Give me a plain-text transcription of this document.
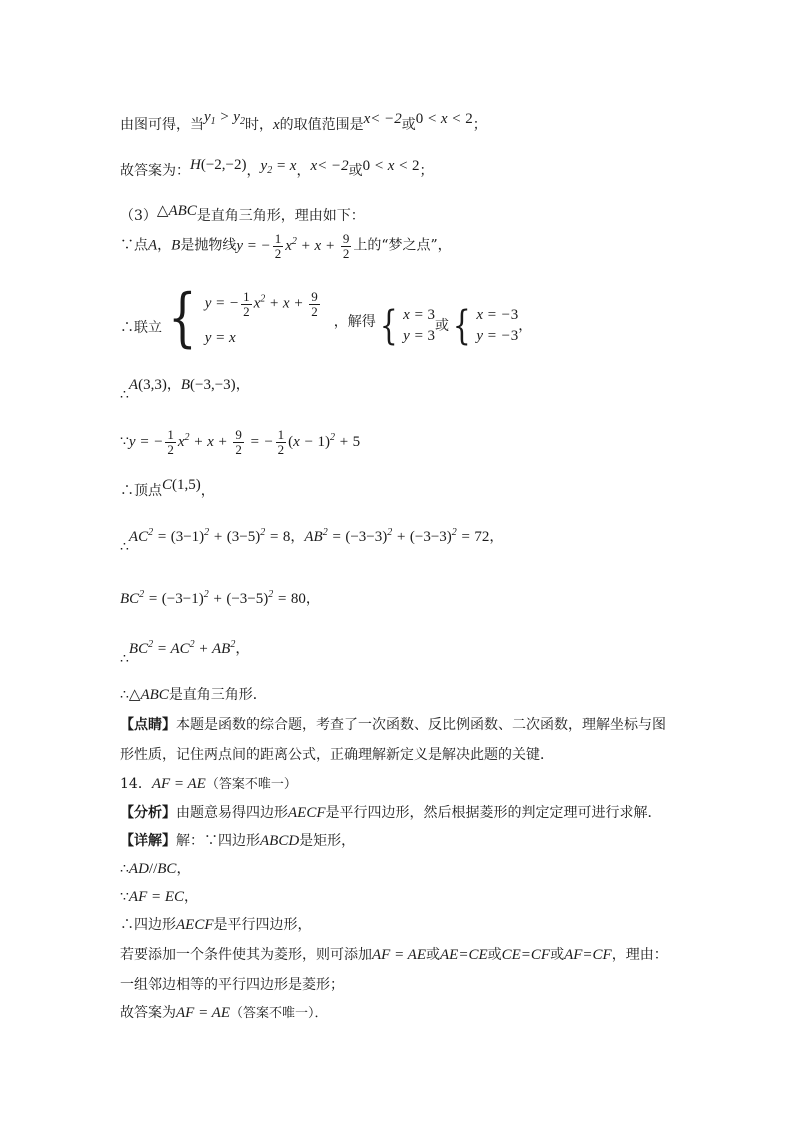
由图可得，当$y_1 > y_2$时，x的取值范围是x< −2或0 < x < 2；
故答案为：H(−2,−2)，$y_2 = x$，x< −2或0 < x < 2；
（3）△ABC是直角三角形，理由如下：
∵点A，B是抛物线y = − $\frac{1}{2} x^2 + x + \frac{9}{2}$ 上的“梦之点”，
∴联立 { y = − $\frac{1}{2} x^2 + x + \frac{9}{2}$
y = x
，解得 { x = 3
y = 3
或 { x = −3
y = −3
，
∴A(3,3)，B(−3,−3)，
∵y = − $\frac{1}{2} x^2 + x + \frac{9}{2}$ = − $\frac{1}{2} (x - 1)^2 + 5$
∴顶点C(1,5)，
$\therefore AC^2 = (3-1)^2 + (3-5)^2 = 8$，$AB^2 = (-3-3)^2 + (-3-3)^2 = 72$，
$BC^2 = (-3-1)^2 + (-3-5)^2 = 80$，
$\therefore BC^2 = AC^2 + AB^2$，
∴△ABC是直角三角形．
【点睛】本题是函数的综合题，考查了一次函数、反比例函数、二次函数，理解坐标与图
形性质，记住两点间的距离公式，正确理解新定义是解决此题的关键．
14．AF = AE（答案不唯一）
【分析】由题意易得四边形AECF是平行四边形，然后根据菱形的判定定理可进行求解．
【详解】解：∵四边形ABCD是矩形，
∴AD//BC，
∵AF = EC，
∴四边形AECF是平行四边形，
若要添加一个条件使其为菱形，则可添加AF = AE或AE=CE或CE=CF或AF=CF，理由：
一组邻边相等的平行四边形是菱形；
故答案为AF = AE（答案不唯一）．
